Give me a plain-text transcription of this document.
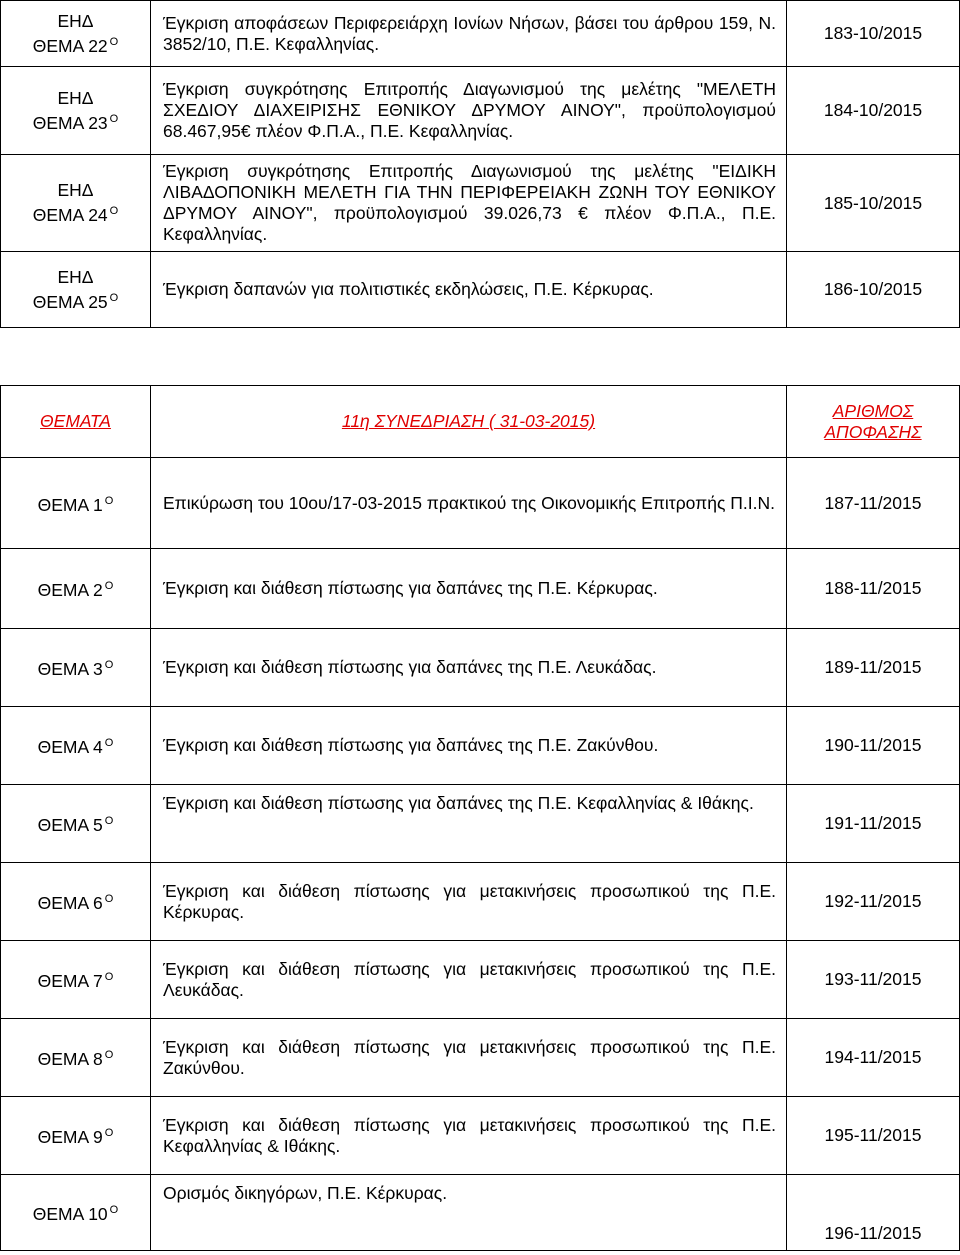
ΕΗΔ
ΘΕΜΑ 22 $^O$	Έγκριση αποφάσεων Περιφερειάρχη Ιονίων Νήσων, βάσει του άρθρου 159, Ν. 3852/10, Π.Ε. Κεφαλληνίας.	183-10/2015

ΕΗΔ
ΘΕΜΑ 23 $^O$	Έγκριση συγκρότησης Επιτροπής Διαγωνισμού της μελέτης "ΜΕΛΕΤΗ ΣΧΕΔΙΟΥ ΔΙΑΧΕΙΡΙΣΗΣ ΕΘΝΙΚΟΥ ΔΡΥΜΟΥ ΑΙΝΟΥ", προϋπολογισμού 68.467,95€ πλέον Φ.Π.Α., Π.Ε. Κεφαλληνίας.	184-10/2015

ΕΗΔ
ΘΕΜΑ 24 $^O$	Έγκριση συγκρότησης Επιτροπής Διαγωνισμού της μελέτης "ΕΙΔΙΚΗ ΛΙΒΑΔΟΠΟΝΙΚΗ ΜΕΛΕΤΗ ΓΙΑ ΤΗΝ ΠΕΡΙΦΕΡΕΙΑΚΗ ΖΩΝΗ ΤΟΥ ΕΘΝΙΚΟΥ ΔΡΥΜΟΥ ΑΙΝΟΥ", προϋπολογισμού 39.026,73 € πλέον Φ.Π.Α., Π.Ε. Κεφαλληνίας.	185-10/2015

ΕΗΔ
ΘΕΜΑ 25 $^O$	Έγκριση δαπανών για πολιτιστικές εκδηλώσεις, Π.Ε. Κέρκυρας.	186-10/2015
ΘΕΜΑΤΑ	11η ΣΥΝΕΔΡΙΑΣΗ ( 31-03-2015)	ΑΡΙΘΜΟΣ
ΑΠΟΦΑΣΗΣ

ΘΕΜΑ 1 $^O$	Επικύρωση του 10ου/17-03-2015 πρακτικού της Οικονομικής Επιτροπής Π.Ι.Ν.	187-11/2015
ΘΕΜΑ 2 $^O$	Έγκριση και διάθεση πίστωσης για δαπάνες της Π.Ε. Κέρκυρας.	188-11/2015
ΘΕΜΑ 3 $^O$	Έγκριση και διάθεση πίστωσης για δαπάνες της Π.Ε. Λευκάδας.	189-11/2015
ΘΕΜΑ 4 $^O$	Έγκριση και διάθεση πίστωσης για δαπάνες της Π.Ε. Ζακύνθου.	190-11/2015
ΘΕΜΑ 5 $^O$	Έγκριση και διάθεση πίστωσης για δαπάνες της Π.Ε. Κεφαλληνίας & Ιθάκης.	191-11/2015
ΘΕΜΑ 6 $^O$	Έγκριση και διάθεση πίστωσης για μετακινήσεις προσωπικού της Π.Ε. Κέρκυρας.	192-11/2015
ΘΕΜΑ 7 $^O$	Έγκριση και διάθεση πίστωσης για μετακινήσεις προσωπικού της Π.Ε. Λευκάδας.	193-11/2015
ΘΕΜΑ 8 $^O$	Έγκριση και διάθεση πίστωσης για μετακινήσεις προσωπικού της Π.Ε. Ζακύνθου.	194-11/2015
ΘΕΜΑ 9 $^O$	Έγκριση και διάθεση πίστωσης για μετακινήσεις προσωπικού της Π.Ε. Κεφαλληνίας & Ιθάκης.	195-11/2015
ΘΕΜΑ 10 $^O$	Ορισμός δικηγόρων, Π.Ε. Κέρκυρας.	196-11/2015
